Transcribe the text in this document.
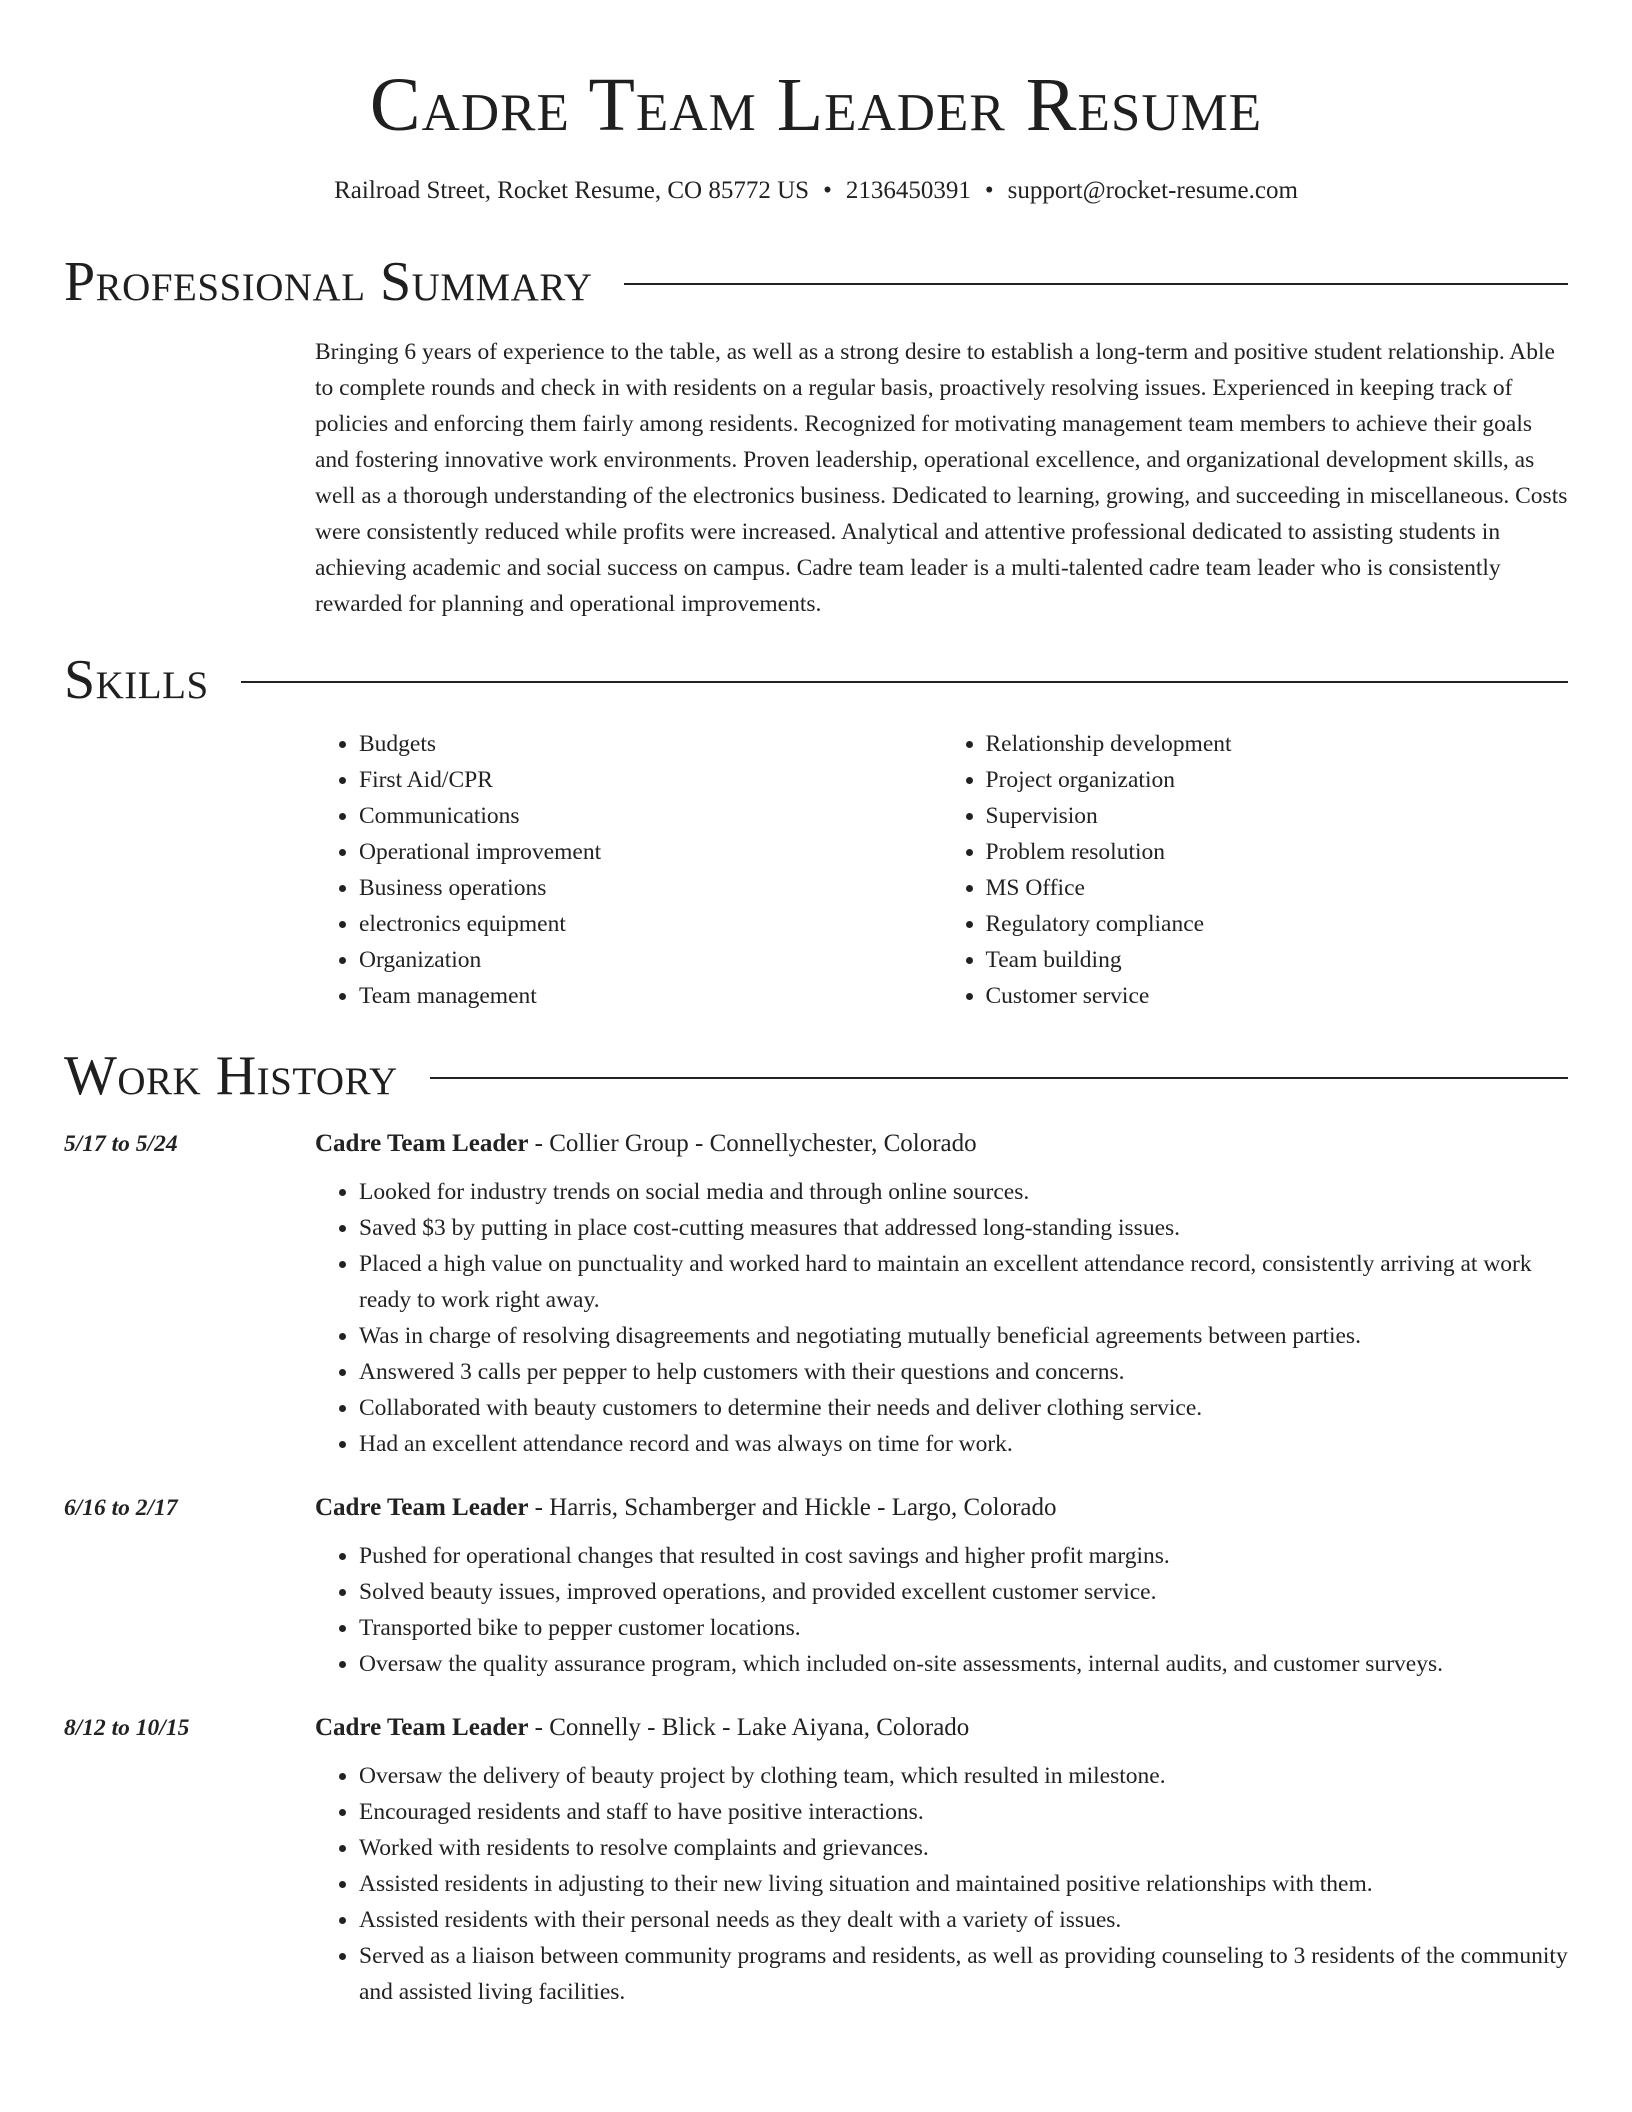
Cadre Team Leader Resume
Railroad Street, Rocket Resume, CO 85772 US • 2136450391 • support@rocket-resume.com
Professional Summary
Bringing 6 years of experience to the table, as well as a strong desire to establish a long-term and positive student relationship. Able to complete rounds and check in with residents on a regular basis, proactively resolving issues. Experienced in keeping track of policies and enforcing them fairly among residents. Recognized for motivating management team members to achieve their goals and fostering innovative work environments. Proven leadership, operational excellence, and organizational development skills, as well as a thorough understanding of the electronics business. Dedicated to learning, growing, and succeeding in miscellaneous. Costs were consistently reduced while profits were increased. Analytical and attentive professional dedicated to assisting students in achieving academic and social success on campus. Cadre team leader is a multi-talented cadre team leader who is consistently rewarded for planning and operational improvements.
Skills
• Budgets
• First Aid/CPR
• Communications
• Operational improvement
• Business operations
• electronics equipment
• Organization
• Team management
• Relationship development
• Project organization
• Supervision
• Problem resolution
• MS Office
• Regulatory compliance
• Team building
• Customer service
Work History
5/17 to 5/24	Cadre Team Leader - Collier Group - Connellychester, Colorado
• Looked for industry trends on social media and through online sources.
• Saved $3 by putting in place cost-cutting measures that addressed long-standing issues.
• Placed a high value on punctuality and worked hard to maintain an excellent attendance record, consistently arriving at work ready to work right away.
• Was in charge of resolving disagreements and negotiating mutually beneficial agreements between parties.
• Answered 3 calls per pepper to help customers with their questions and concerns.
• Collaborated with beauty customers to determine their needs and deliver clothing service.
• Had an excellent attendance record and was always on time for work.
6/16 to 2/17	Cadre Team Leader - Harris, Schamberger and Hickle - Largo, Colorado
• Pushed for operational changes that resulted in cost savings and higher profit margins.
• Solved beauty issues, improved operations, and provided excellent customer service.
• Transported bike to pepper customer locations.
• Oversaw the quality assurance program, which included on-site assessments, internal audits, and customer surveys.
8/12 to 10/15	Cadre Team Leader - Connelly - Blick - Lake Aiyana, Colorado
• Oversaw the delivery of beauty project by clothing team, which resulted in milestone.
• Encouraged residents and staff to have positive interactions.
• Worked with residents to resolve complaints and grievances.
• Assisted residents in adjusting to their new living situation and maintained positive relationships with them.
• Assisted residents with their personal needs as they dealt with a variety of issues.
• Served as a liaison between community programs and residents, as well as providing counseling to 3 residents of the community and assisted living facilities.
